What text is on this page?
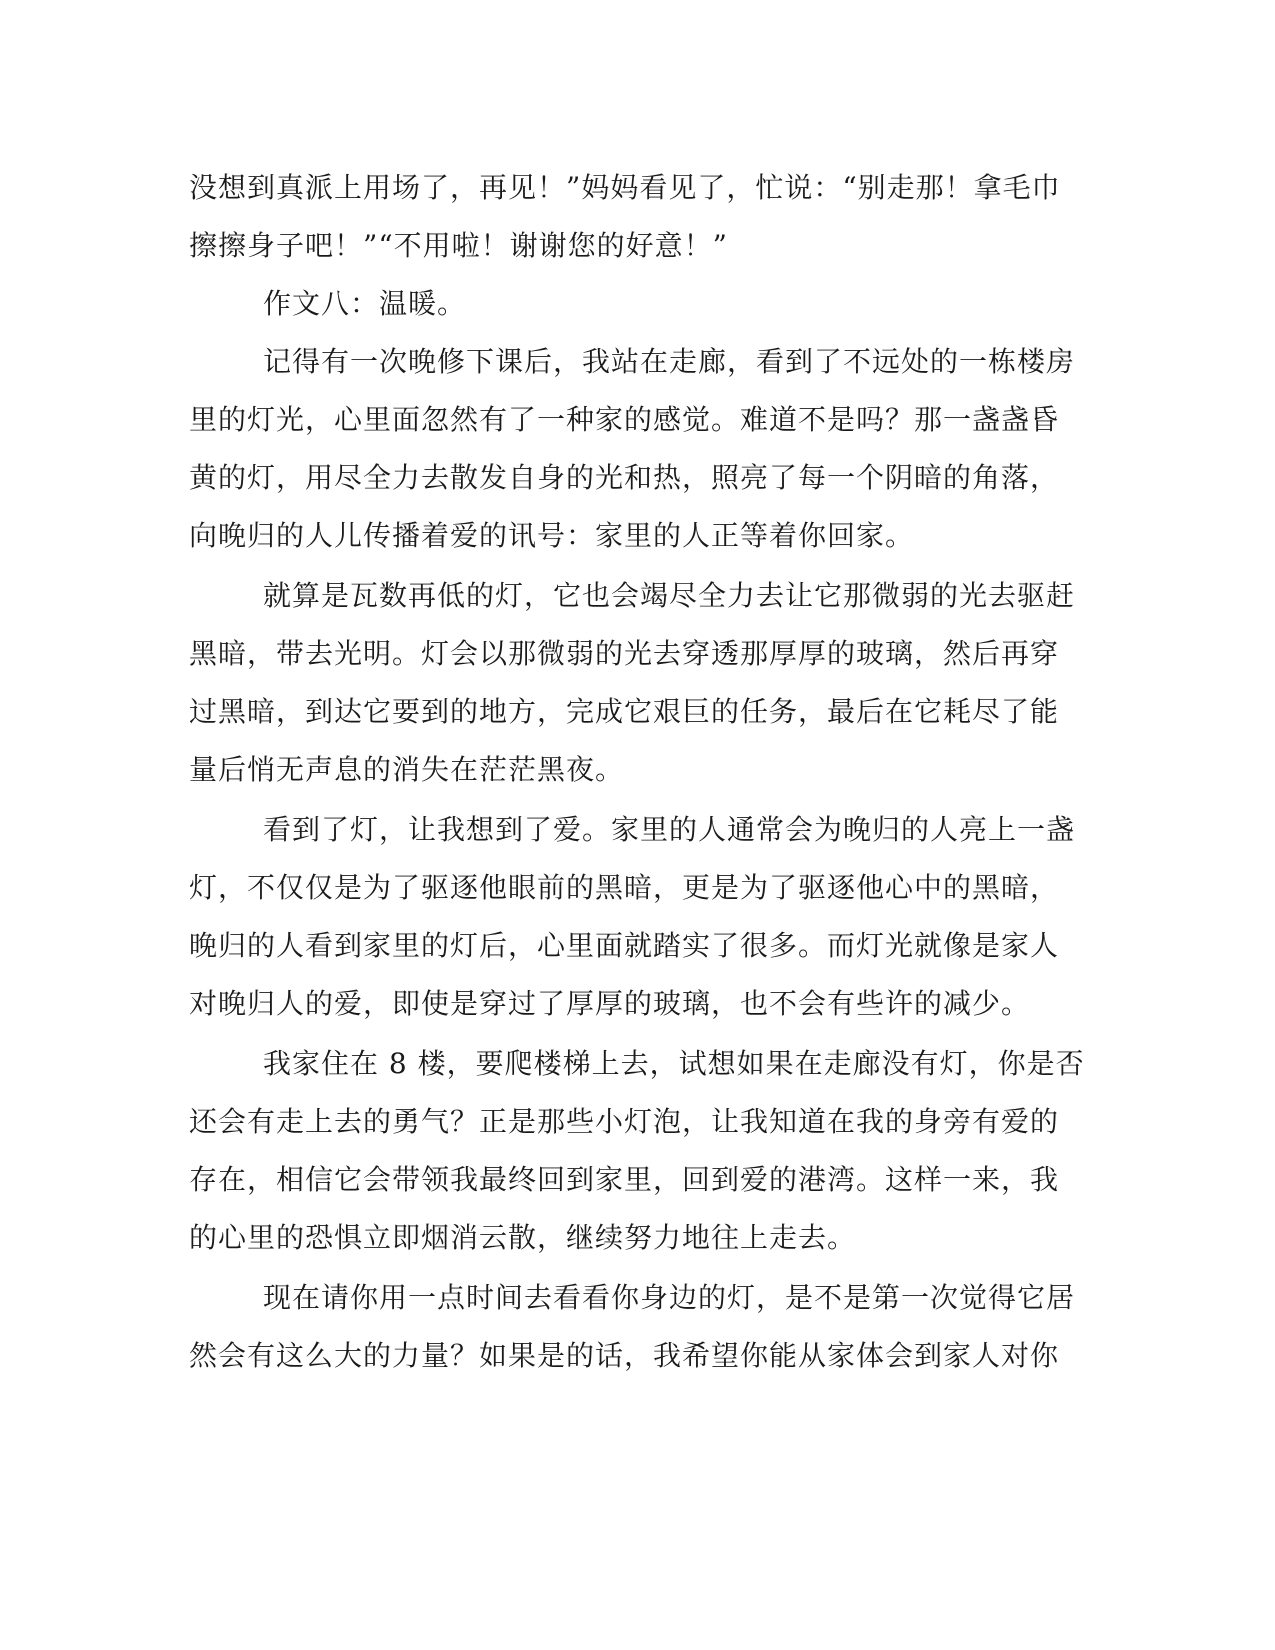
没想到真派上用场了，再见！”妈妈看见了，忙说：“别走那！拿毛巾
擦擦身子吧！”“不用啦！谢谢您的好意！”
作文八：温暖。
记得有一次晚修下课后，我站在走廊，看到了不远处的一栋楼房
里的灯光，心里面忽然有了一种家的感觉。难道不是吗？那一盏盏昏
黄的灯，用尽全力去散发自身的光和热，照亮了每一个阴暗的角落，
向晚归的人儿传播着爱的讯号：家里的人正等着你回家。
就算是瓦数再低的灯，它也会竭尽全力去让它那微弱的光去驱赶
黑暗，带去光明。灯会以那微弱的光去穿透那厚厚的玻璃，然后再穿
过黑暗，到达它要到的地方，完成它艰巨的任务，最后在它耗尽了能
量后悄无声息的消失在茫茫黑夜。
看到了灯，让我想到了爱。家里的人通常会为晚归的人亮上一盏
灯，不仅仅是为了驱逐他眼前的黑暗，更是为了驱逐他心中的黑暗，
晚归的人看到家里的灯后，心里面就踏实了很多。而灯光就像是家人
对晚归人的爱，即使是穿过了厚厚的玻璃，也不会有些许的减少。
我家住在 8 楼，要爬楼梯上去，试想如果在走廊没有灯，你是否
还会有走上去的勇气？正是那些小灯泡，让我知道在我的身旁有爱的
存在，相信它会带领我最终回到家里，回到爱的港湾。这样一来，我
的心里的恐惧立即烟消云散，继续努力地往上走去。
现在请你用一点时间去看看你身边的灯，是不是第一次觉得它居
然会有这么大的力量？如果是的话，我希望你能从家体会到家人对你
